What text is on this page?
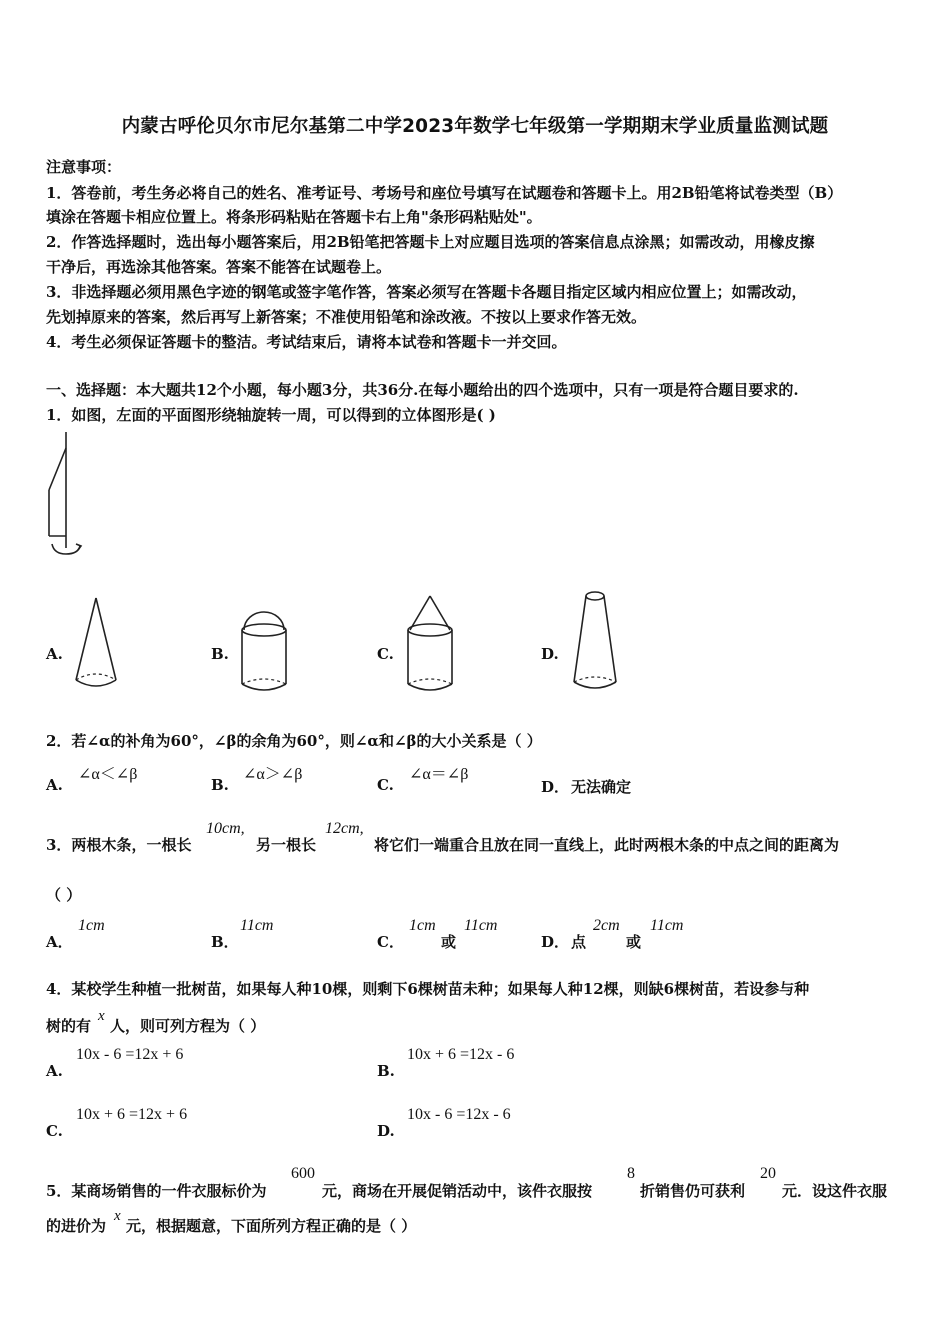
内蒙古呼伦贝尔市尼尔基第二中学2023年数学七年级第一学期期末学业质量监测试题
注意事项：
1．答卷前，考生务必将自己的姓名、准考证号、考场号和座位号填写在试题卷和答题卡上。用2B铅笔将试卷类型（B）
填涂在答题卡相应位置上。将条形码粘贴在答题卡右上角"条形码粘贴处"。
2．作答选择题时，选出每小题答案后，用2B铅笔把答题卡上对应题目选项的答案信息点涂黑；如需改动，用橡皮擦
干净后，再选涂其他答案。答案不能答在试题卷上。
3．非选择题必须用黑色字迹的钢笔或签字笔作答，答案必须写在答题卡各题目指定区域内相应位置上；如需改动，
先划掉原来的答案，然后再写上新答案；不准使用铅笔和涂改液。不按以上要求作答无效。
4．考生必须保证答题卡的整洁。考试结束后，请将本试卷和答题卡一并交回。
一、选择题：本大题共12个小题，每小题3分，共36分.在每小题给出的四个选项中，只有一项是符合题目要求的.
1．如图，左面的平面图形绕轴旋转一周，可以得到的立体图形是( )
A.	B.	C.	D.
2．若∠α的补角为60°，∠β的余角为60°，则∠α和∠β的大小关系是（ ）
A.
∠α＜∠β
B.
∠α＞∠β
C.
∠α＝∠β
D． 无法确定
3．两根木条，一根长
10cm,
另一根长
12cm,
将它们一端重合且放在同一直线上，此时两根木条的中点之间的距离为
（ ）
A．
1cm
B．
11cm
C．
1cm
或
11cm
D． 点
2cm
或
11cm
4．某校学生种植一批树苗，如果每人种10棵，则剩下6棵树苗未种；如果每人种12棵，则缺6棵树苗，若设参与种
树的有
x
人，则可列方程为（ ）
A.
10x - 6 =12x + 6
B.
10x + 6 =12x - 6
C.
10x + 6 =12x + 6
D.
10x - 6 =12x - 6
5．某商场销售的一件衣服标价为
600
元，商场在开展促销活动中，该件衣服按
8
折销售仍可获利
20
元．设这件衣服
的进价为
x
元，根据题意，下面所列方程正确的是（ ）
